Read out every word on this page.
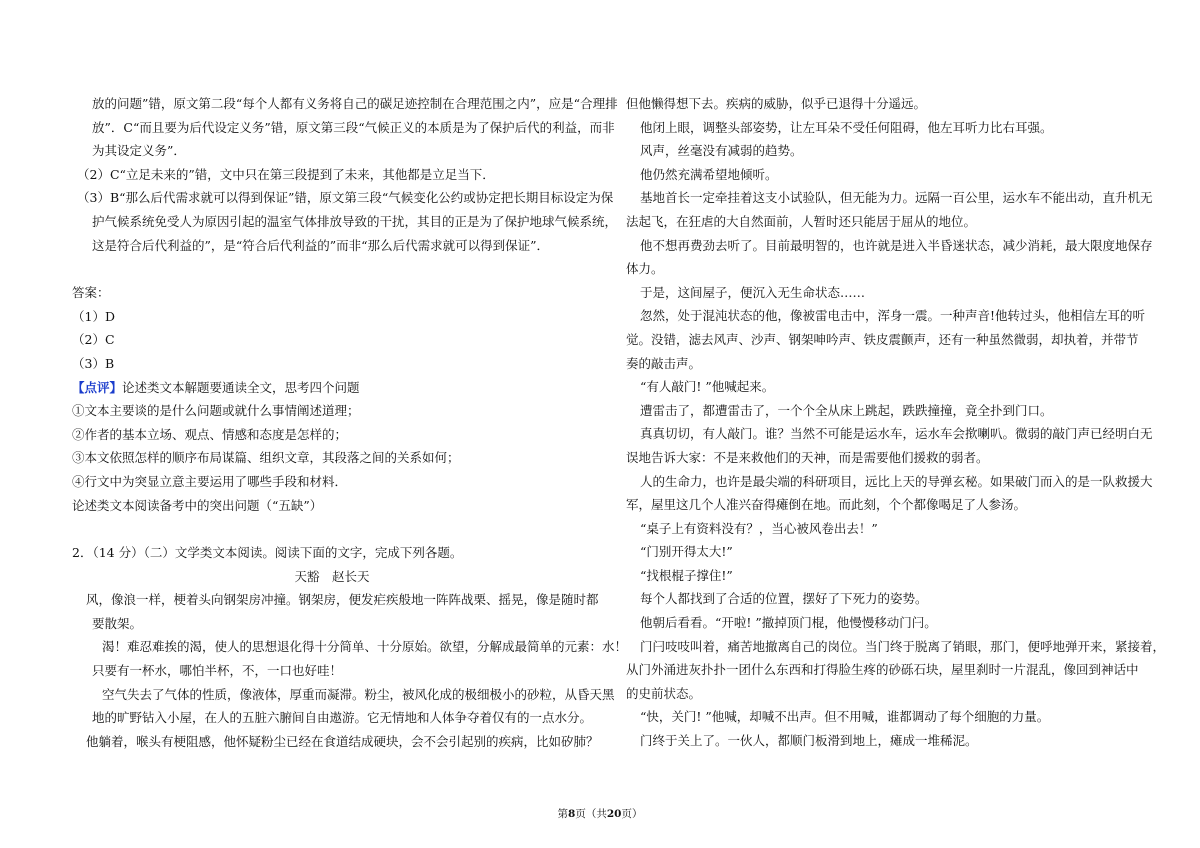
放的问题”错，原文第二段“每个人都有义务将自己的碳足迹控制在合理范围之内”，应是“合理排
放”．C“而且要为后代设定义务”错，原文第三段“气候正义的本质是为了保护后代的利益，而非
为其设定义务”．
（2）C“立足未来的”错，文中只在第三段提到了未来，其他都是立足当下．
（3）B“那么后代需求就可以得到保证”错，原文第三段“气候变化公约或协定把长期目标设定为保
护气候系统免受人为原因引起的温室气体排放导致的干扰，其目的正是为了保护地球气候系统，
这是符合后代利益的”，是“符合后代利益的”而非“那么后代需求就可以得到保证”．
答案：
（1）D
（2）C
（3）B
【点评】论述类文本解题要通读全文，思考四个问题
①文本主要谈的是什么问题或就什么事情阐述道理；
②作者的基本立场、观点、情感和态度是怎样的；
③本文依照怎样的顺序布局谋篇、组织文章，其段落之间的关系如何；
④行文中为突显立意主要运用了哪些手段和材料．
论述类文本阅读备考中的突出问题（“五缺”）
2．（14 分）（二）文学类文本阅读。阅读下面的文字，完成下列各题。
天豁　赵长天
风，像浪一样，梗着头向钢架房冲撞。钢架房，便发疟疾般地一阵阵战栗、摇晃，像是随时都
要散架。
渴！难忍难挨的渴，使人的思想退化得十分简单、十分原始。欲望，分解成最简单的元素：水！
只要有一杯水，哪怕半杯，不，一口也好哇！
空气失去了气体的性质，像液体，厚重而凝滞。粉尘，被风化成的极细极小的砂粒，从昏天黑
地的旷野钻入小屋，在人的五脏六腑间自由遨游。它无情地和人体争夺着仅有的一点水分。
他躺着，喉头有梗阻感，他怀疑粉尘已经在食道结成硬块，会不会引起别的疾病，比如矽肺？
但他懒得想下去。疾病的威胁，似乎已退得十分遥远。
他闭上眼，调整头部姿势，让左耳朵不受任何阻碍，他左耳听力比右耳强。
风声，丝毫没有减弱的趋势。
他仍然充满希望地倾听。
基地首长一定牵挂着这支小试验队，但无能为力。远隔一百公里，运水车不能出动，直升机无
法起飞，在狂虐的大自然面前，人暂时还只能居于屈从的地位。
他不想再费劲去听了。目前最明智的，也许就是进入半昏迷状态，减少消耗，最大限度地保存
体力。
于是，这间屋子，便沉入无生命状态……
忽然，处于混沌状态的他，像被雷电击中，浑身一震。一种声音!他转过头，他相信左耳的听
觉。没错，滤去风声、沙声、钢架呻吟声、铁皮震颤声，还有一种虽然微弱，却执着，并带节
奏的敲击声。
“有人敲门! ”他喊起来。
遭雷击了，都遭雷击了，一个个全从床上跳起，跌跌撞撞，竟全扑到门口。
真真切切，有人敲门。谁？当然不可能是运水车，运水车会揿喇叭。微弱的敲门声已经明白无
误地告诉大家：不是来救他们的天神，而是需要他们援救的弱者。
人的生命力，也许是最尖端的科研项目，远比上天的导弹玄秘。如果破门而入的是一队救援大
军，屋里这几个人准兴奋得瘫倒在地。而此刻，个个都像喝足了人参汤。
“桌子上有资料没有？，当心被风卷出去！”
“门别开得太大!”
“找根棍子撑住!”
每个人都找到了合适的位置，摆好了下死力的姿势。
他朝后看看。“开啦! ”撤掉顶门棍，他慢慢移动门闩。
门闩吱吱叫着，痛苦地撤离自己的岗位。当门终于脱离了销眼，那门，便呼地弹开来，紧接着，
从门外涌进灰扑扑一团什么东西和打得脸生疼的砂砾石块，屋里刹时一片混乱，像回到神话中
的史前状态。
“快，关门! ”他喊，却喊不出声。但不用喊，谁都调动了每个细胞的力量。
门终于关上了。一伙人，都顺门板滑到地上，瘫成一堆稀泥。
第8页（共20页）
